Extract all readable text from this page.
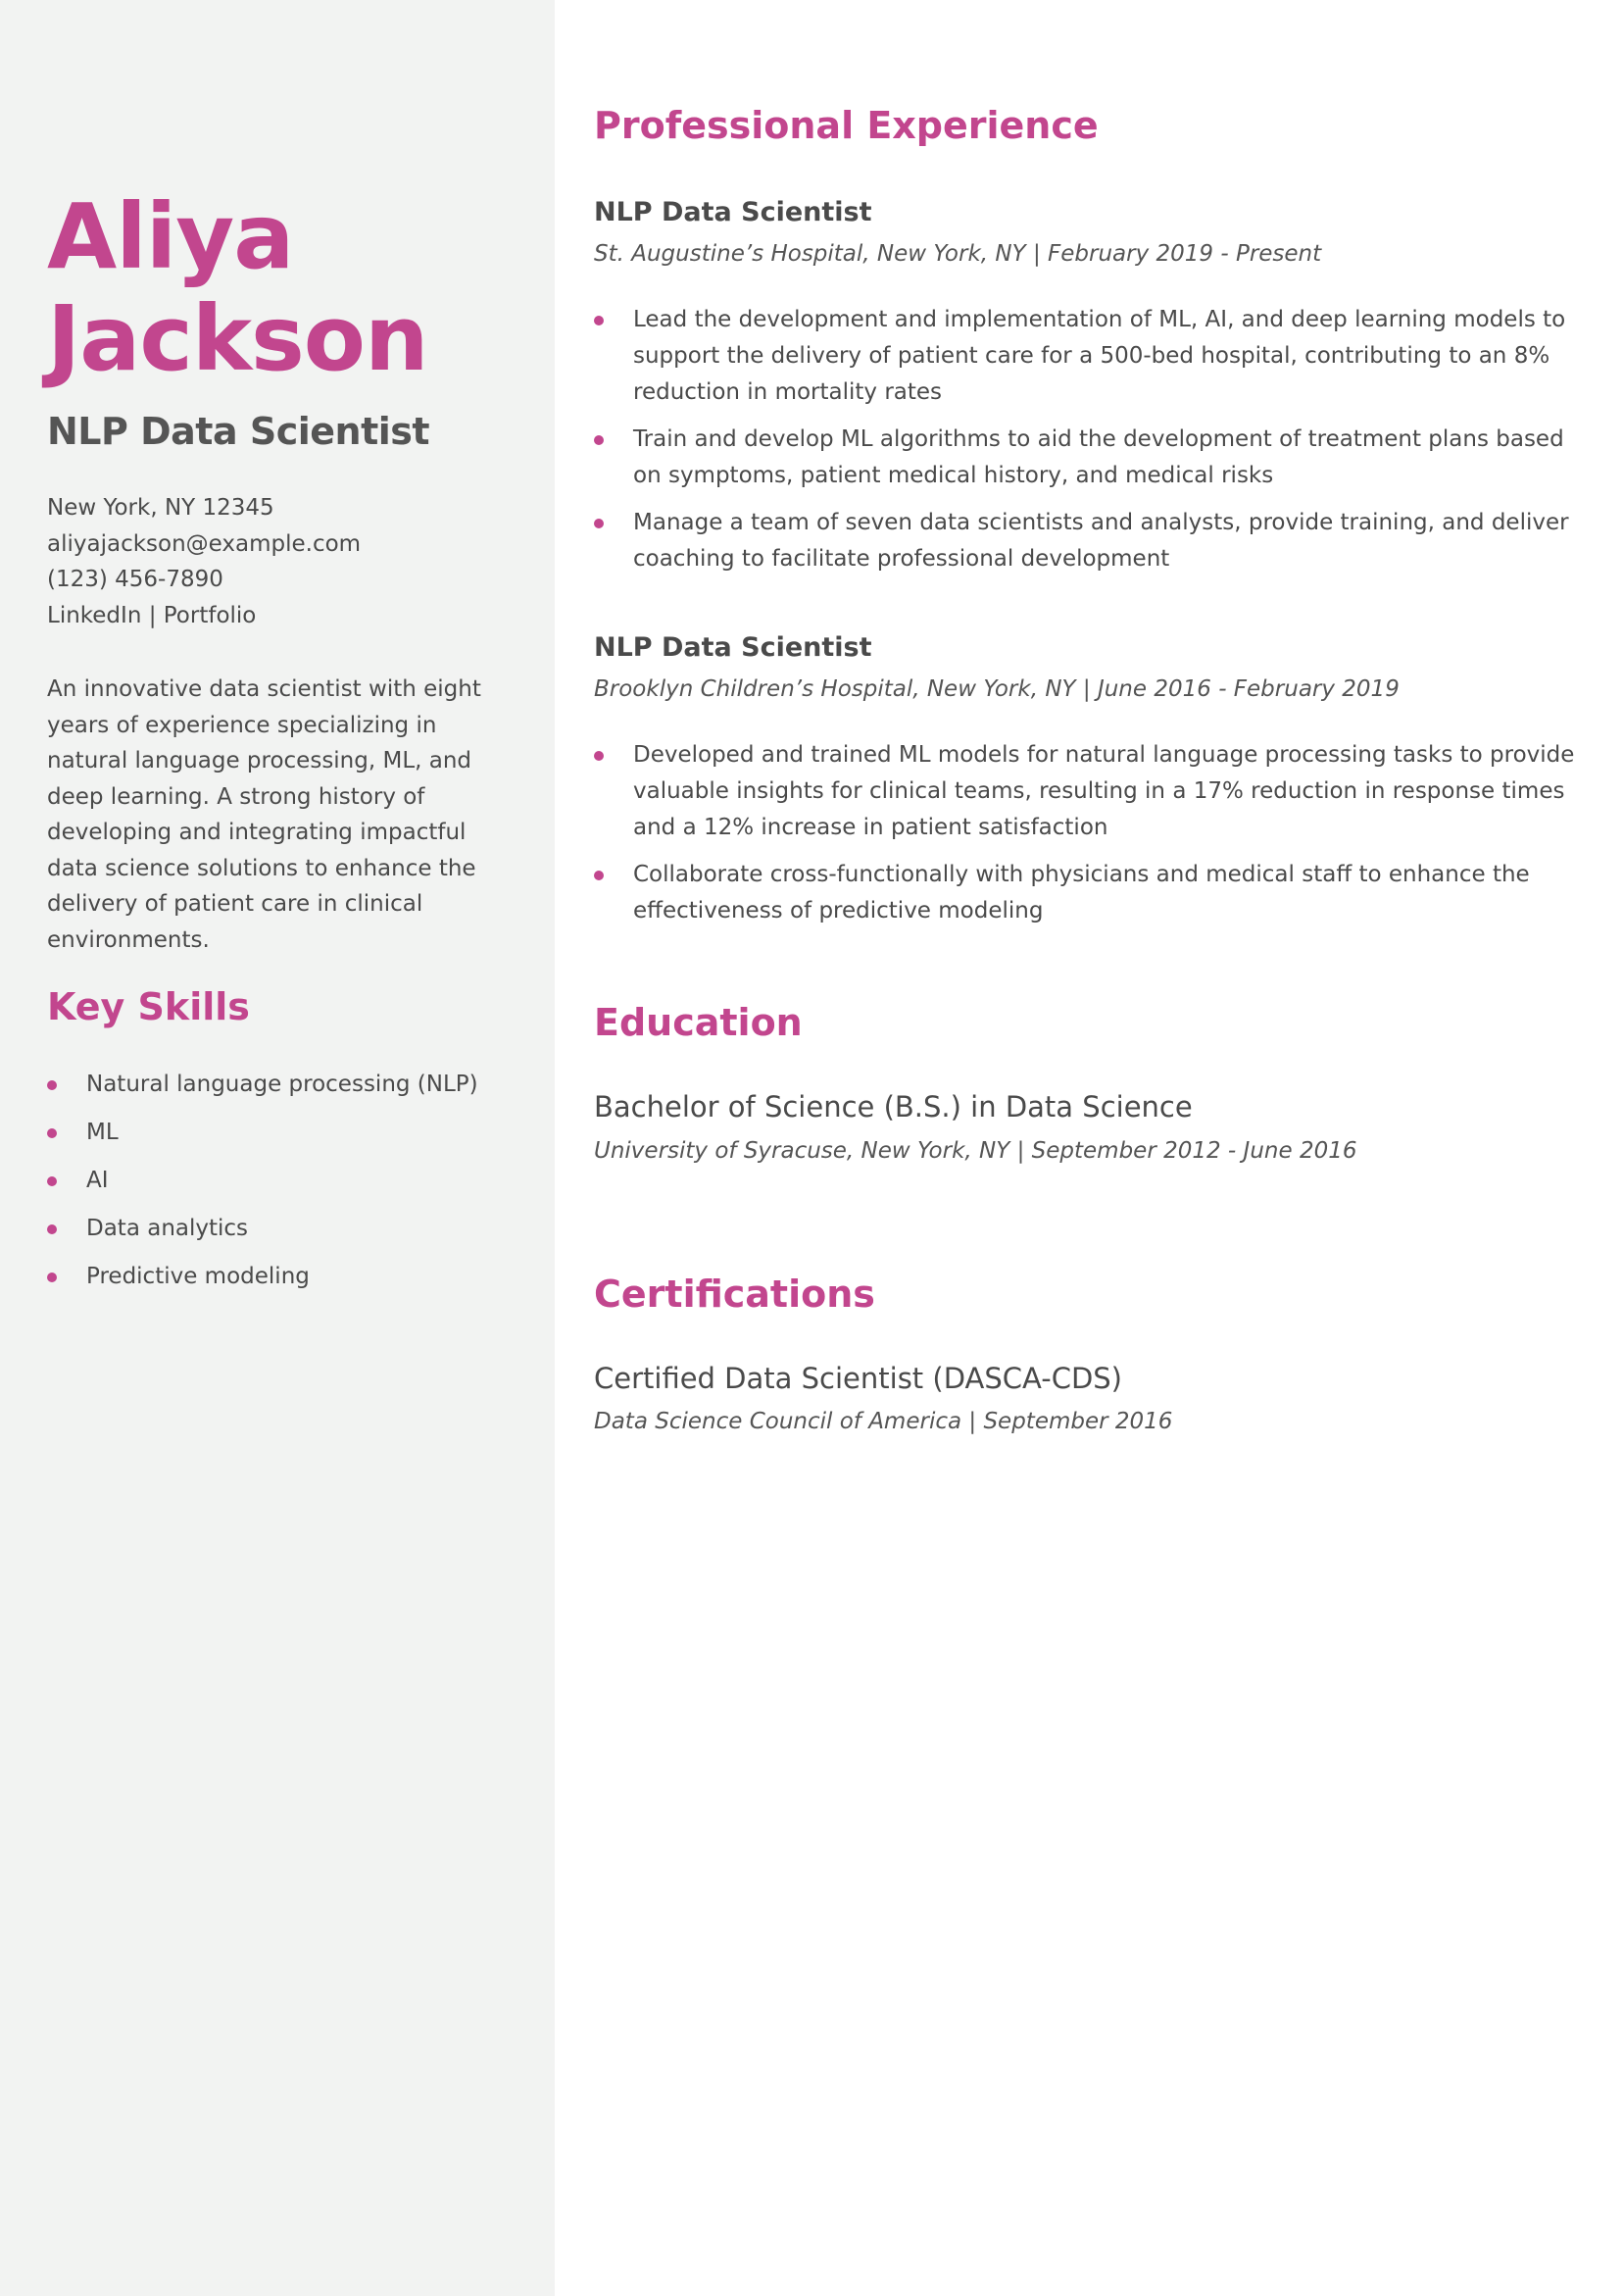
Aliya
Jackson
NLP Data Scientist
New York, NY 12345
aliyajackson@example.com
(123) 456-7890
LinkedIn | Portfolio

An innovative data scientist with eight years of experience specializing in natural language processing, ML, and deep learning. A strong history of developing and integrating impactful data science solutions to enhance the delivery of patient care in clinical environments.

Key Skills
Natural language processing (NLP)
ML
AI
Data analytics
Predictive modeling
Professional Experience
NLP Data Scientist

St. Augustine’s Hospital, New York, NY | February 2019 - Present

Lead the development and implementation of ML, AI, and deep learning models to support the delivery of patient care for a 500-bed hospital, contributing to an 8% reduction in mortality rates
Train and develop ML algorithms to aid the development of treatment plans based on symptoms, patient medical history, and medical risks
Manage a team of seven data scientists and analysts, provide training, and deliver coaching to facilitate professional development
NLP Data Scientist

Brooklyn Children’s Hospital, New York, NY | June 2016 - February 2019

Developed and trained ML models for natural language processing tasks to provide valuable insights for clinical teams, resulting in a 17% reduction in response times and a 12% increase in patient satisfaction
Collaborate cross-functionally with physicians and medical staff to enhance the effectiveness of predictive modeling
Education
Bachelor of Science (B.S.) in Data Science

University of Syracuse, New York, NY | September 2012 - June 2016

Certifications
Certified Data Scientist (DASCA-CDS)

Data Science Council of America | September 2016
